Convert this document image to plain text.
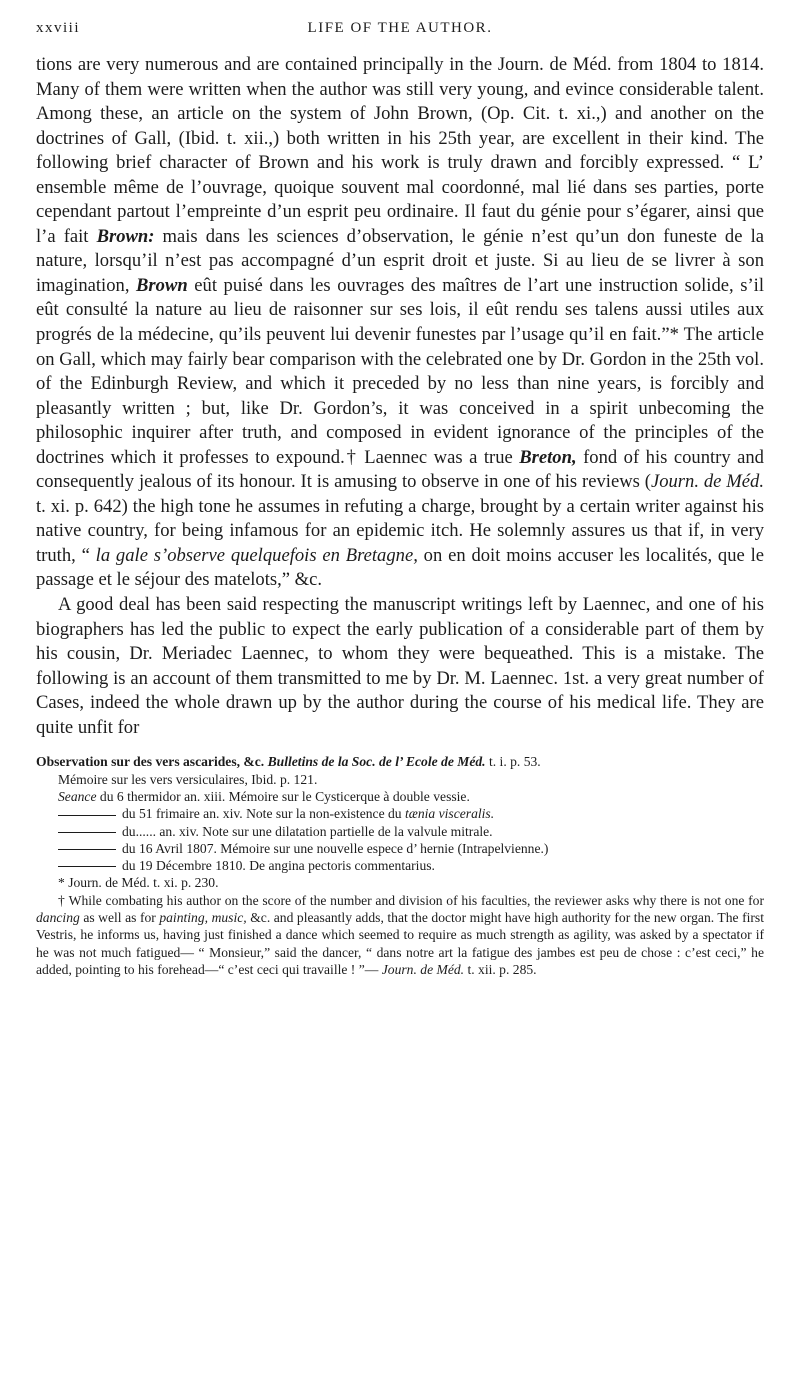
xxviii	LIFE OF THE AUTHOR.

tions are very numerous and are contained principally in the Journ. de Méd. from 1804 to 1814. Many of them were written when the author was still very young, and evince considerable talent. Among these, an article on the system of John Brown, (Op. Cit. t. xi.,) and another on the doctrines of Gall, (Ibid. t. xii.,) both written in his 25th year, are excellent in their kind. The following brief character of Brown and his work is truly drawn and forcibly expressed. “ L’ ensemble même de l’ouvrage, quoique souvent mal coordonné, mal lié dans ses parties, porte cependant partout l’empreinte d’un esprit peu ordinaire. Il faut du génie pour s’égarer, ainsi que l’a fait Brown: mais dans les sciences d’observation, le génie n’est qu’un don funeste de la nature, lorsqu’il n’est pas accompagné d’un esprit droit et juste. Si au lieu de se livrer à son imagination, Brown eût puisé dans les ouvrages des maîtres de l’art une instruction solide, s’il eût consulté la nature au lieu de raisonner sur ses lois, il eût rendu ses talens aussi utiles aux progrés de la médecine, qu’ils peuvent lui devenir funestes par l’usage qu’il en fait.”* The article on Gall, which may fairly bear comparison with the celebrated one by Dr. Gordon in the 25th vol. of the Edinburgh Review, and which it preceded by no less than nine years, is forcibly and pleasantly written ; but, like Dr. Gordon’s, it was conceived in a spirit unbecoming the philosophic inquirer after truth, and composed in evident ignorance of the principles of the doctrines which it professes to expound.† Laennec was a true Breton, fond of his country and consequently jealous of its honour. It is amusing to observe in one of his reviews (Journ. de Méd. t. xi. p. 642) the high tone he assumes in refuting a charge, brought by a certain writer against his native country, for being infamous for an epidemic itch. He solemnly assures us that if, in very truth, “ la gale s’observe quelquefois en Bretagne, on en doit moins accuser les localités, que le passage et le séjour des matelots,” &c.

A good deal has been said respecting the manuscript writings left by Laennec, and one of his biographers has led the public to expect the early publication of a considerable part of them by his cousin, Dr. Meriadec Laennec, to whom they were bequeathed. This is a mistake. The following is an account of them transmitted to me by Dr. M. Laennec. 1st. a very great number of Cases, indeed the whole drawn up by the author during the course of his medical life. They are quite unfit for

Observation sur des vers ascarides, &c. Bulletins de la Soc. de l’ Ecole de Méd. t. i. p. 53.

Mémoire sur les vers versiculaires, Ibid. p. 121.

Seance du 6 thermidor an. xiii. Mémoire sur le Cysticerque à double vessie.

du 51 frimaire an. xiv. Note sur la non-existence du tænia visceralis.

du...... an. xiv. Note sur une dilatation partielle de la valvule mitrale.

du 16 Avril 1807. Mémoire sur une nouvelle espece d’ hernie (Intrapelvienne.)

du 19 Décembre 1810. De angina pectoris commentarius.

* Journ. de Méd. t. xi. p. 230.

† While combating his author on the score of the number and division of his faculties, the reviewer asks why there is not one for dancing as well as for painting, music, &c. and pleasantly adds, that the doctor might have high authority for the new organ. The first Vestris, he informs us, having just finished a dance which seemed to require as much strength as agility, was asked by a spectator if he was not much fatigued— “ Monsieur,” said the dancer, “ dans notre art la fatigue des jambes est peu de chose : c’est ceci,” he added, pointing to his forehead—“ c’est ceci qui travaille ! ”— Journ. de Méd. t. xii. p. 285.
